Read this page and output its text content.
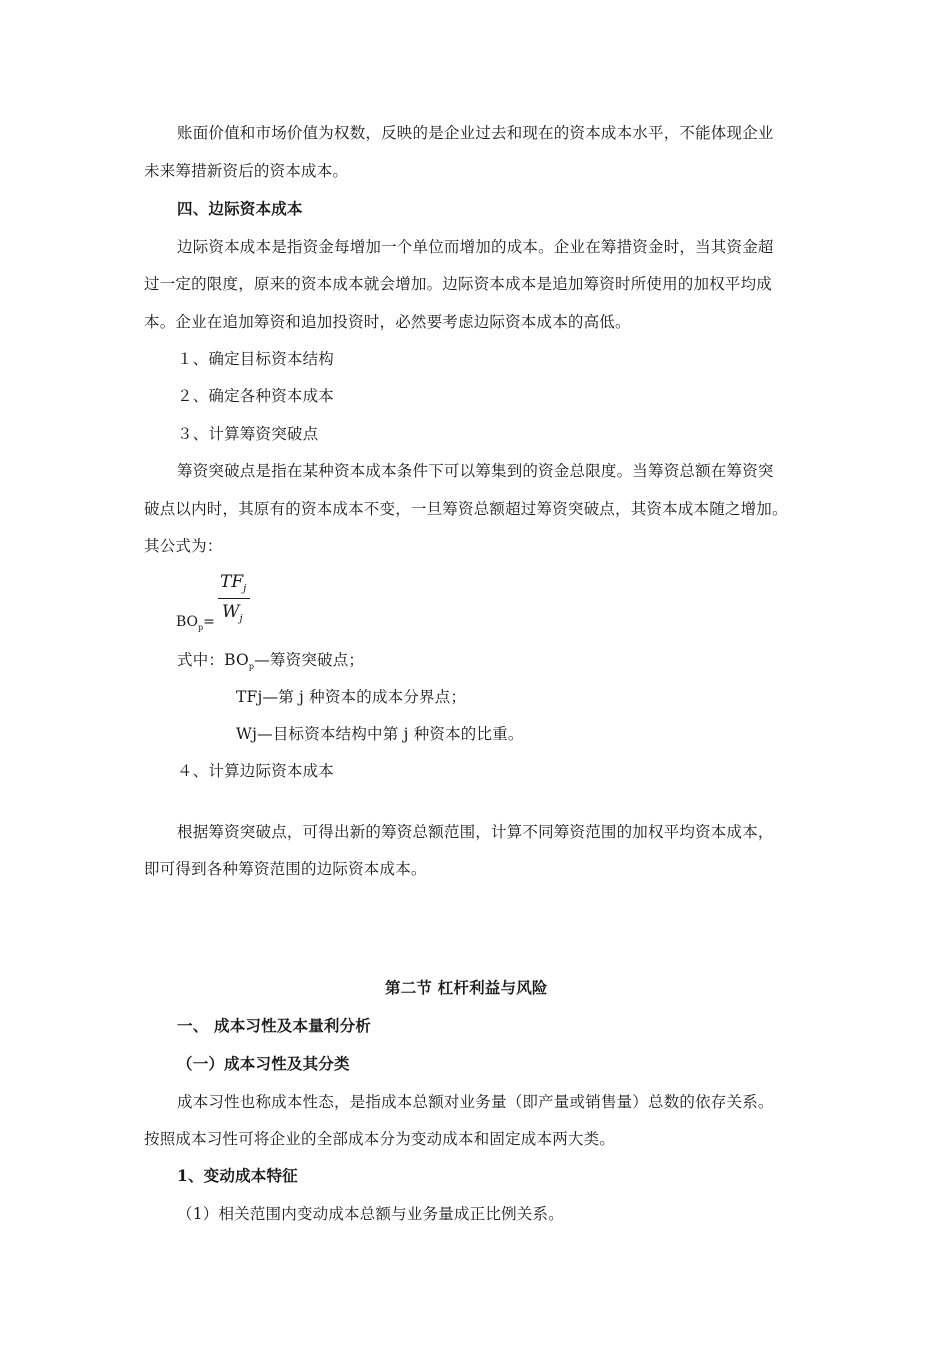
账面价值和市场价值为权数，反映的是企业过去和现在的资本成本水平，不能体现企业
未来筹措新资后的资本成本。
四、边际资本成本
边际资本成本是指资金每增加一个单位而增加的成本。企业在筹措资金时，当其资金超
过一定的限度，原来的资本成本就会增加。边际资本成本是追加筹资时所使用的加权平均成
本。企业在追加筹资和追加投资时，必然要考虑边际资本成本的高低。
１、确定目标资本结构
２、确定各种资本成本
３、计算筹资突破点
筹资突破点是指在某种资本成本条件下可以筹集到的资金总限度。当筹资总额在筹资突
破点以内时，其原有的资本成本不变，一旦筹资总额超过筹资突破点，其资本成本随之增加。
其公式为：
$TF_j$
$W_j$
$BO_p=$
式中：$BO_p—$筹资突破点；
TFj—第 j 种资本的成本分界点；
Wj—目标资本结构中第 j 种资本的比重。
４、计算边际资本成本
根据筹资突破点，可得出新的筹资总额范围，计算不同筹资范围的加权平均资本成本，
即可得到各种筹资范围的边际资本成本。
第二节 杠杆利益与风险
一、 成本习性及本量利分析
（一）成本习性及其分类
成本习性也称成本性态，是指成本总额对业务量（即产量或销售量）总数的依存关系。
按照成本习性可将企业的全部成本分为变动成本和固定成本两大类。
1、变动成本特征
（1）相关范围内变动成本总额与业务量成正比例关系。
